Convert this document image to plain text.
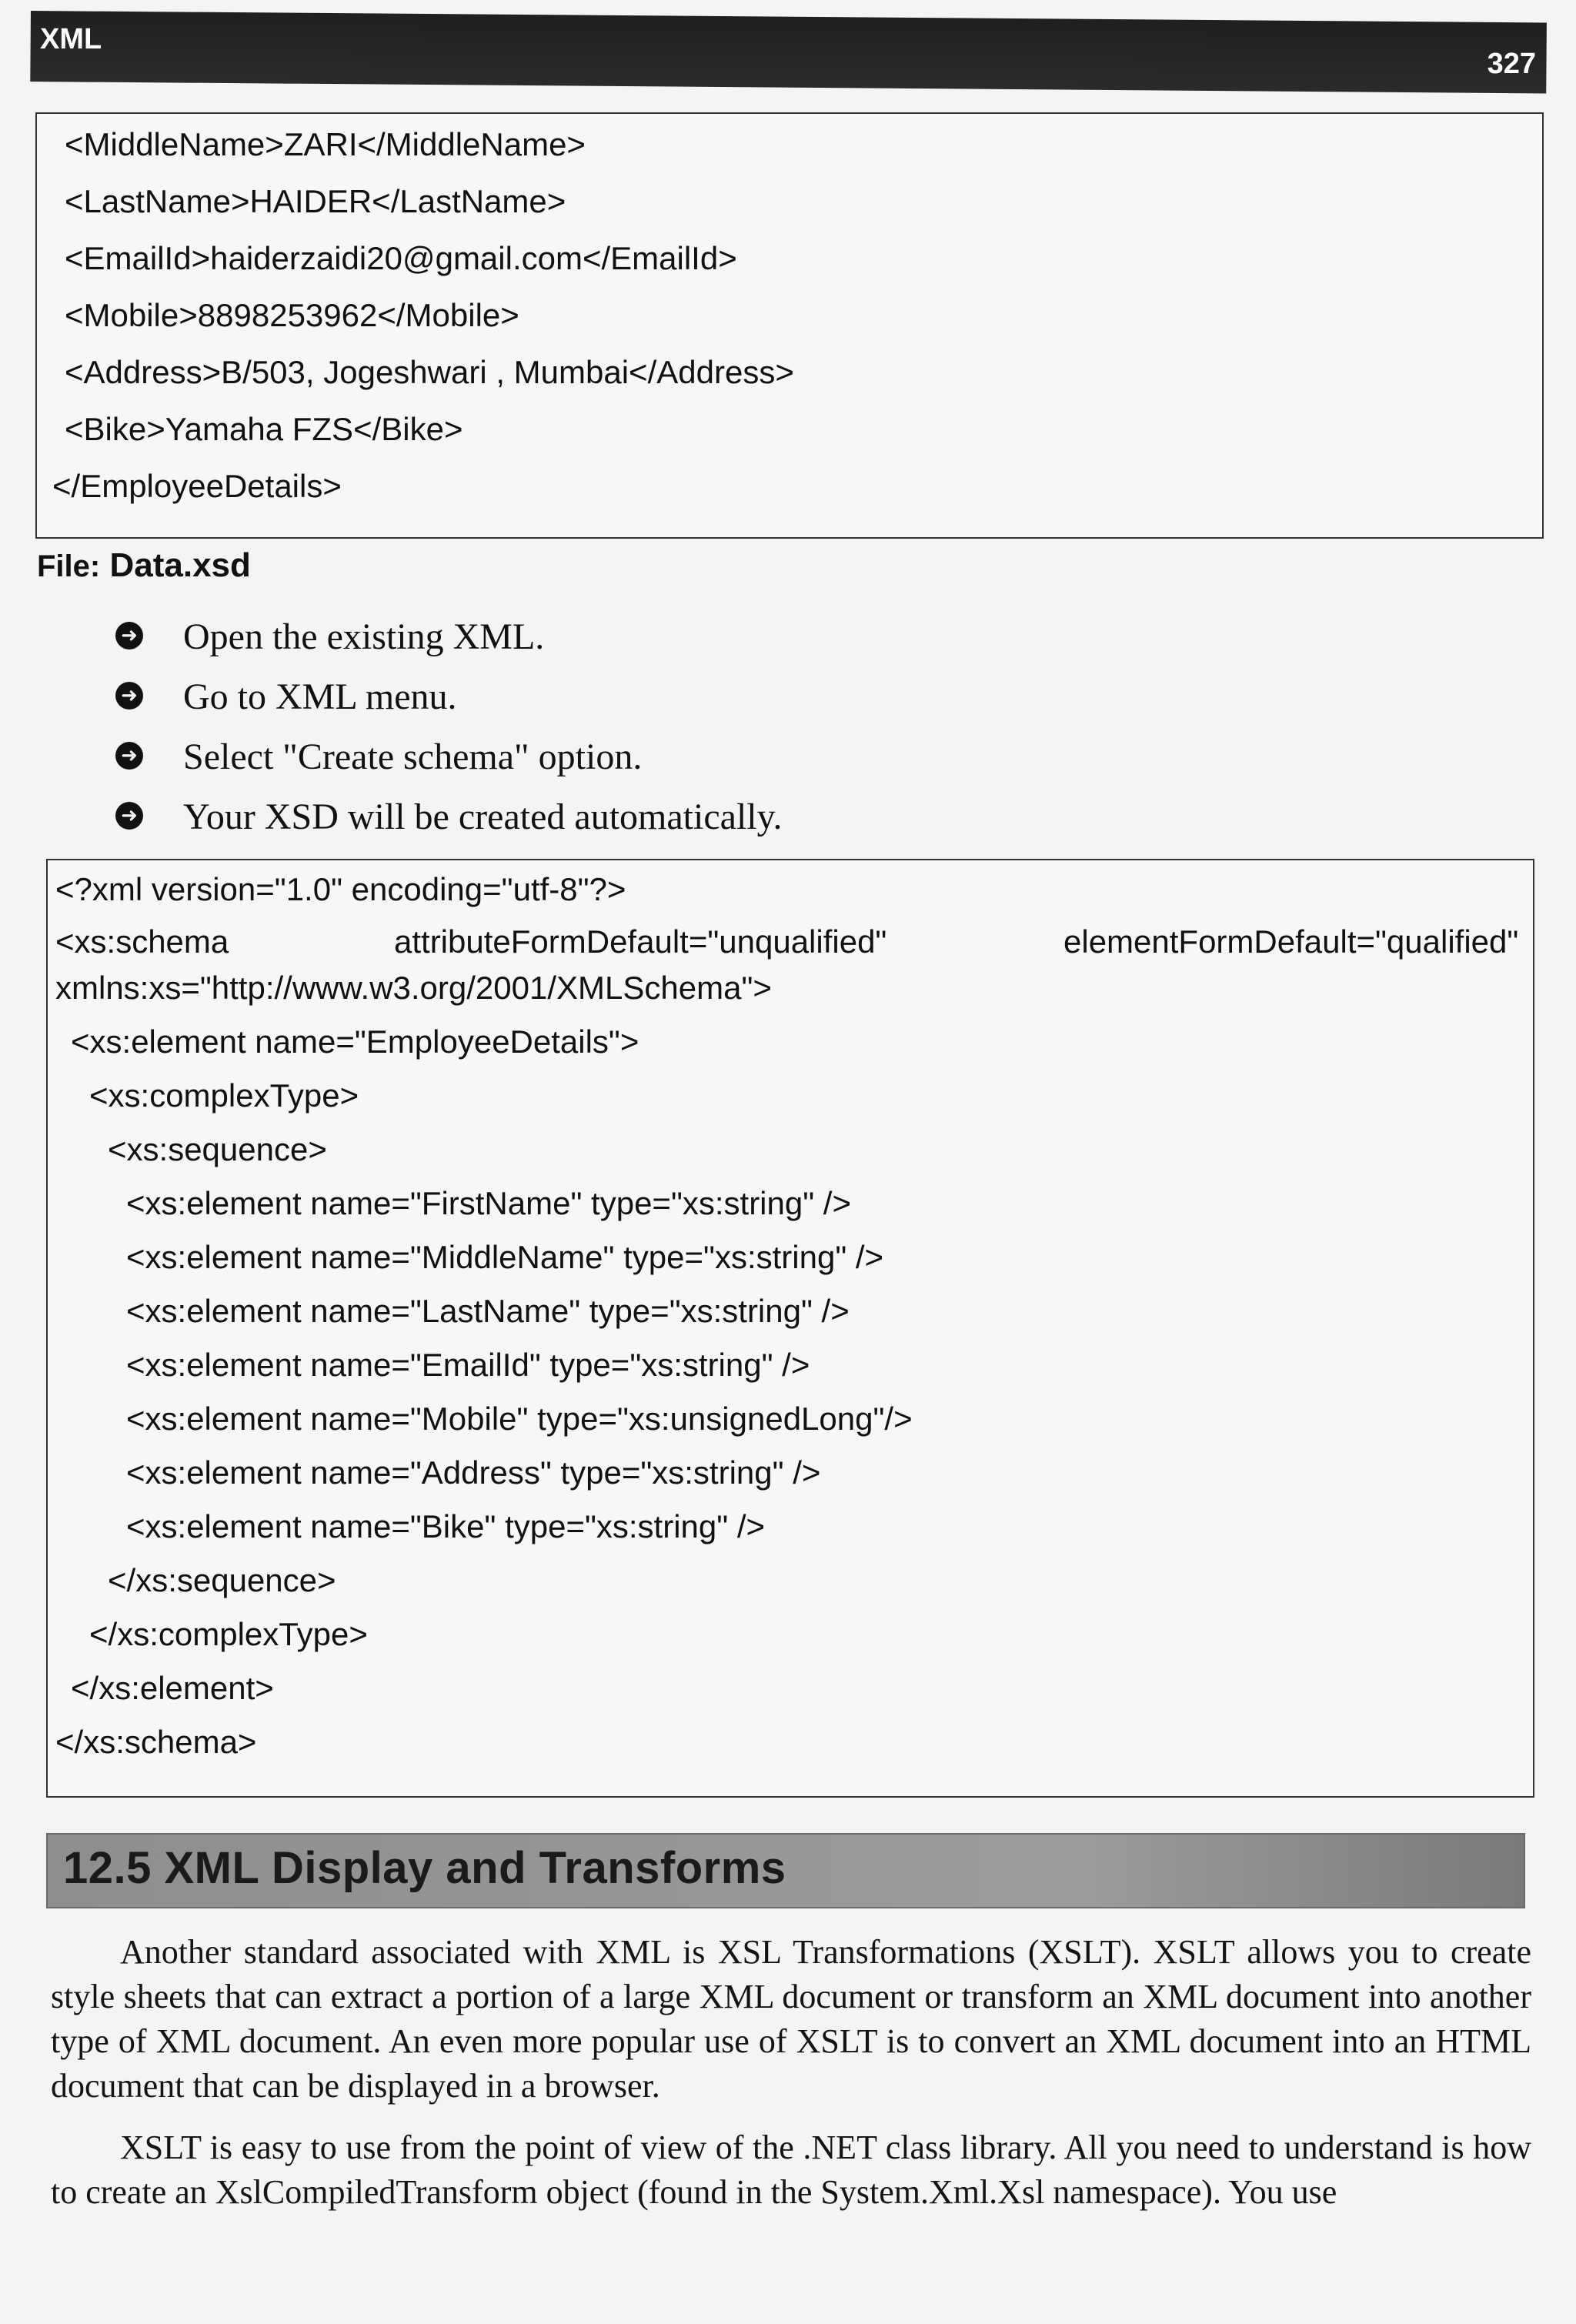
XML
327
<MiddleName>ZARI</MiddleName>
<LastName>HAIDER</LastName>
<EmailId>haiderzaidi20@gmail.com</EmailId>
<Mobile>8898253962</Mobile>
<Address>B/503, Jogeshwari , Mumbai</Address>
<Bike>Yamaha FZS</Bike>
</EmployeeDetails>
File: Data.xsd
➜ Open the existing XML.
➜ Go to XML menu.
➜ Select "Create schema" option.
➜ Your XSD will be created automatically.
<?xml version="1.0" encoding="utf-8"?>
<xs:schema	attributeFormDefault="unqualified"	elementFormDefault="qualified"
xmlns:xs="http://www.w3.org/2001/XMLSchema">
<xs:element name="EmployeeDetails">
<xs:complexType>
<xs:sequence>
<xs:element name="FirstName" type="xs:string" />
<xs:element name="MiddleName" type="xs:string" />
<xs:element name="LastName" type="xs:string" />
<xs:element name="EmailId" type="xs:string" />
<xs:element name="Mobile" type="xs:unsignedLong"/>
<xs:element name="Address" type="xs:string" />
<xs:element name="Bike" type="xs:string" />
</xs:sequence>
</xs:complexType>
</xs:element>
</xs:schema>
12.5 XML Display and Transforms

Another standard associated with XML is XSL Transformations (XSLT). XSLT allows you to create style sheets that can extract a portion of a large XML document or transform an XML document into another type of XML document. An even more popular use of XSLT is to convert an XML document into an HTML document that can be displayed in a browser.

XSLT is easy to use from the point of view of the .NET class library. All you need to understand is how to create an XslCompiledTransform object (found in the System.Xml.Xsl namespace). You use
